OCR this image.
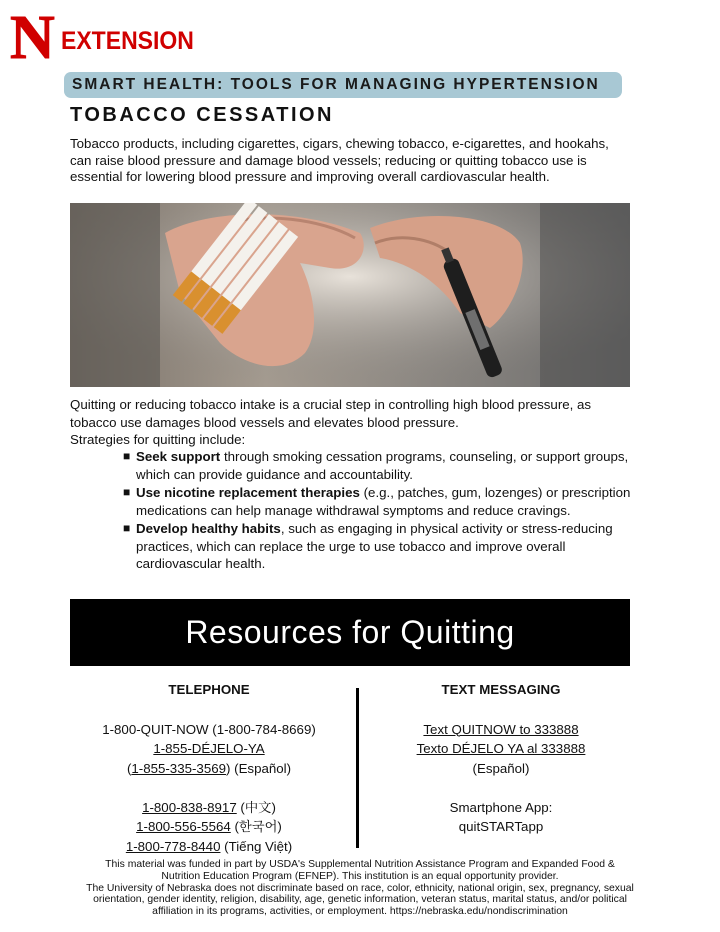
N EXTENSION
SMART HEALTH: TOOLS FOR MANAGING HYPERTENSION
TOBACCO CESSATION

Tobacco products, including cigarettes, cigars, chewing tobacco, e-cigarettes, and hookahs, can raise blood pressure and damage blood vessels; reducing or quitting tobacco use is essential for lowering blood pressure and improving overall cardiovascular health.

Quitting or reducing tobacco intake is a crucial step in controlling high blood pressure, as tobacco use damages blood vessels and elevates blood pressure.
Strategies for quitting include:

■ Seek support through smoking cessation programs, counseling, or support groups, which can provide guidance and accountability.
■ Use nicotine replacement therapies (e.g., patches, gum, lozenges) or prescription medications can help manage withdrawal symptoms and reduce cravings.
■ Develop healthy habits, such as engaging in physical activity or stress-reducing practices, which can replace the urge to use tobacco and improve overall cardiovascular health.
Resources for Quitting
TELEPHONE
1-800-QUIT-NOW (1-800-784-8669)
1-855-DÉJELO-YA
(1-855-335-3569) (Español)
1-800-838-8917 (中文)
1-800-556-5564 (한국어)
1-800-778-8440 (Tiếng Việt)
TEXT MESSAGING
Text QUITNOW to 333888
Texto DÉJELO YA al 333888
(Español)
Smartphone App:
quitSTARTapp
This material was funded in part by USDA's Supplemental Nutrition Assistance Program and Expanded Food &
Nutrition Education Program (EFNEP). This institution is an equal opportunity provider.
The University of Nebraska does not discriminate based on race, color, ethnicity, national origin, sex, pregnancy, sexual
orientation, gender identity, religion, disability, age, genetic information, veteran status, marital status, and/or political
affiliation in its programs, activities, or employment. https://nebraska.edu/nondiscrimination
